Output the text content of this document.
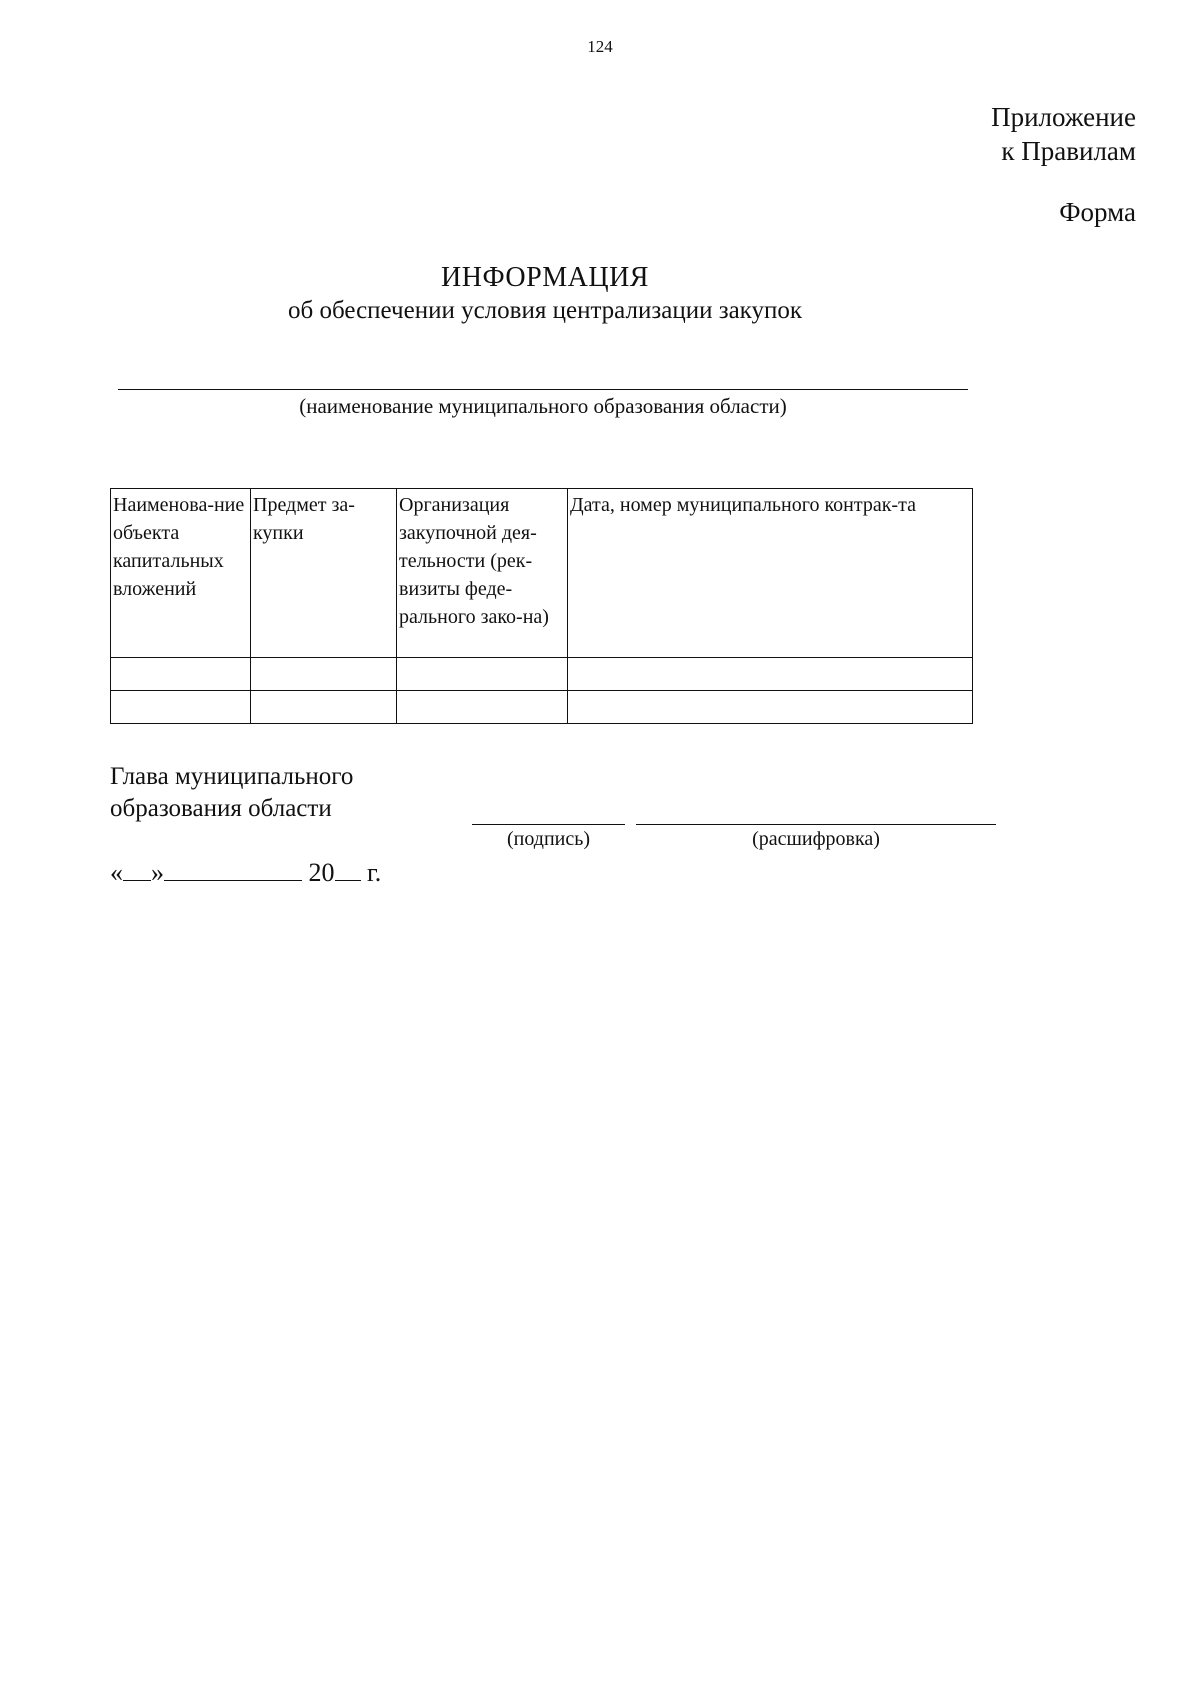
124
Приложение
к Правилам
Форма
ИНФОРМАЦИЯ
об обеспечении условия централизации закупок
(наименование муниципального образования области)
Наименова-ние объекта капитальных вложений	Предмет за-купки	Организация закупочной дея-тельности (рек-визиты феде-рального зако-на)	Дата, номер муниципального контрак-та

Глава муниципального
образования области
(подпись)	(расшифровка)
« »	20 г.
